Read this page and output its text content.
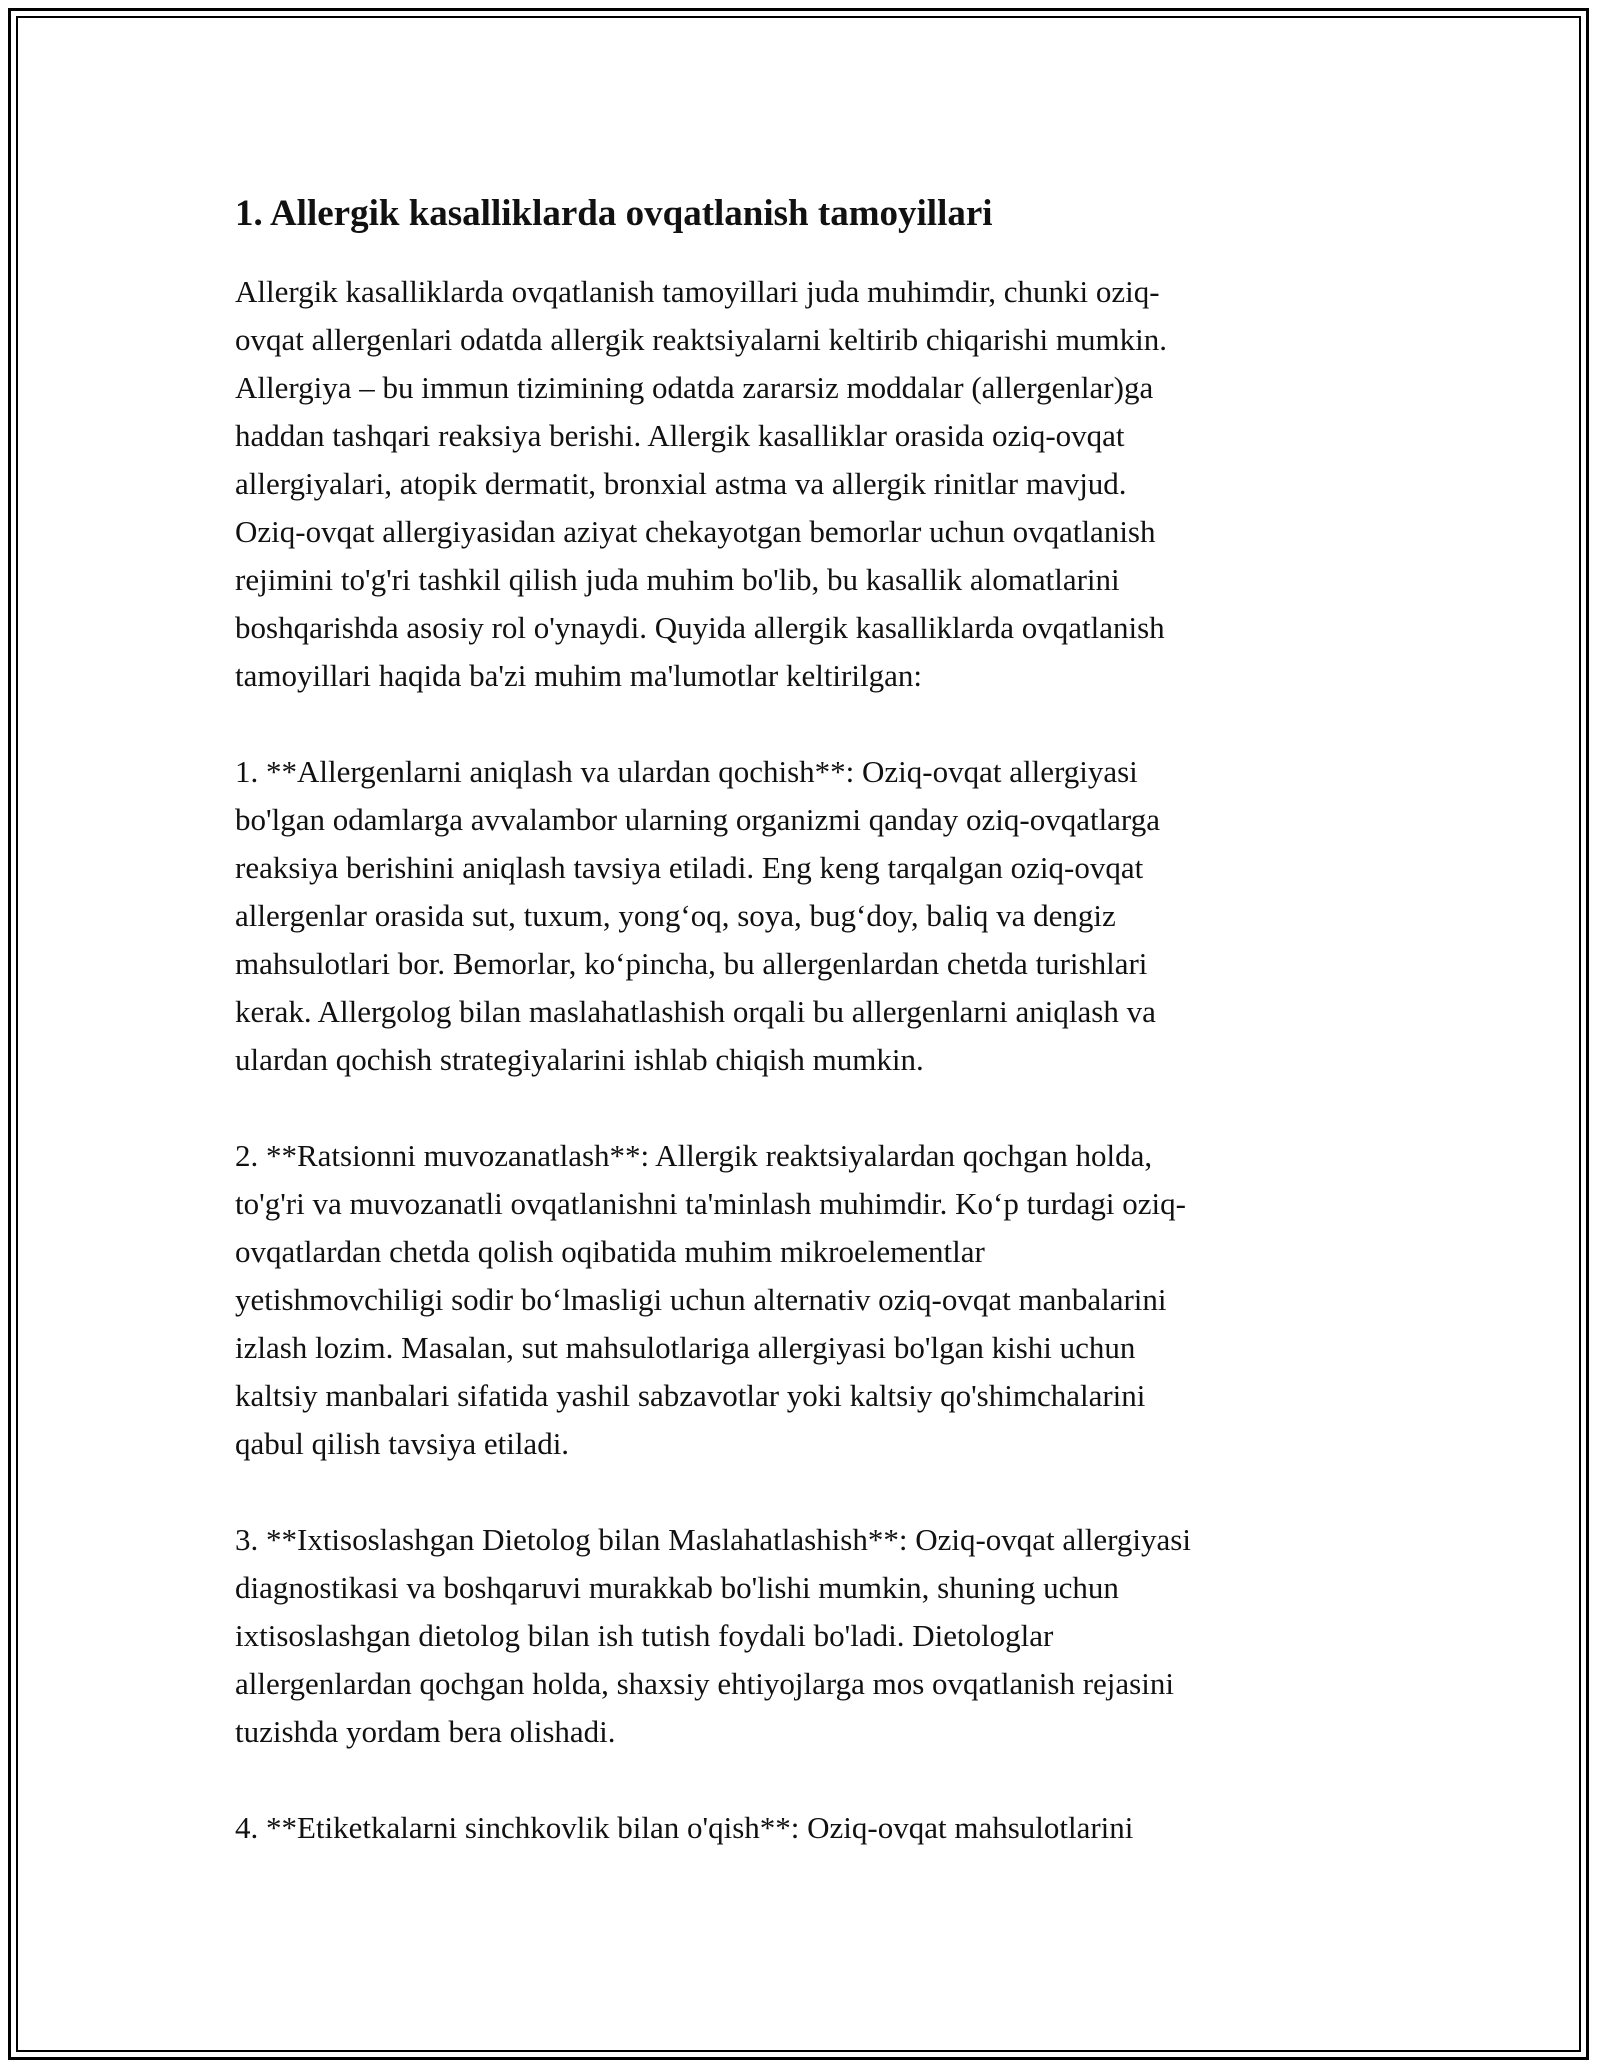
1. Allergik kasalliklarda ovqatlanish tamoyillari

Allergik kasalliklarda ovqatlanish tamoyillari juda muhimdir, chunki oziq-
ovqat allergenlari odatda allergik reaktsiyalarni keltirib chiqarishi mumkin.
Allergiya – bu immun tizimining odatda zararsiz moddalar (allergenlar)ga
haddan tashqari reaksiya berishi. Allergik kasalliklar orasida oziq-ovqat
allergiyalari, atopik dermatit, bronxial astma va allergik rinitlar mavjud.
Oziq-ovqat allergiyasidan aziyat chekayotgan bemorlar uchun ovqatlanish
rejimini to'g'ri tashkil qilish juda muhim bo'lib, bu kasallik alomatlarini
boshqarishda asosiy rol o'ynaydi. Quyida allergik kasalliklarda ovqatlanish
tamoyillari haqida ba'zi muhim ma'lumotlar keltirilgan:

1. **Allergenlarni aniqlash va ulardan qochish**: Oziq-ovqat allergiyasi
bo'lgan odamlarga avvalambor ularning organizmi qanday oziq-ovqatlarga
reaksiya berishini aniqlash tavsiya etiladi. Eng keng tarqalgan oziq-ovqat
allergenlar orasida sut, tuxum, yong‘oq, soya, bug‘doy, baliq va dengiz
mahsulotlari bor. Bemorlar, ko‘pincha, bu allergenlardan chetda turishlari
kerak. Allergolog bilan maslahatlashish orqali bu allergenlarni aniqlash va
ulardan qochish strategiyalarini ishlab chiqish mumkin.

2. **Ratsionni muvozanatlash**: Allergik reaktsiyalardan qochgan holda,
to'g'ri va muvozanatli ovqatlanishni ta'minlash muhimdir. Ko‘p turdagi oziq-
ovqatlardan chetda qolish oqibatida muhim mikroelementlar
yetishmovchiligi sodir bo‘lmasligi uchun alternativ oziq-ovqat manbalarini
izlash lozim. Masalan, sut mahsulotlariga allergiyasi bo'lgan kishi uchun
kaltsiy manbalari sifatida yashil sabzavotlar yoki kaltsiy qo'shimchalarini
qabul qilish tavsiya etiladi.

3. **Ixtisoslashgan Dietolog bilan Maslahatlashish**: Oziq-ovqat allergiyasi
diagnostikasi va boshqaruvi murakkab bo'lishi mumkin, shuning uchun
ixtisoslashgan dietolog bilan ish tutish foydali bo'ladi. Dietologlar
allergenlardan qochgan holda, shaxsiy ehtiyojlarga mos ovqatlanish rejasini
tuzishda yordam bera olishadi.

4. **Etiketkalarni sinchkovlik bilan o'qish**: Oziq-ovqat mahsulotlarini
